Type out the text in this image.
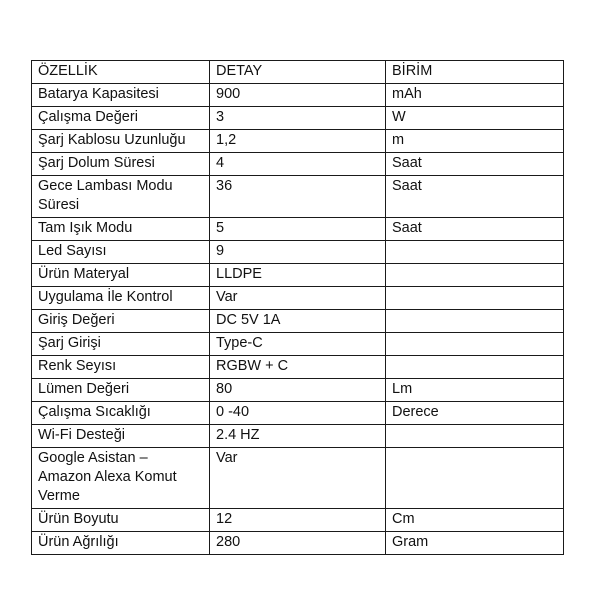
ÖZELLİK	DETAY	BİRİM
Batarya Kapasitesi	900	mAh
Çalışma Değeri	3	W
Şarj Kablosu Uzunluğu	1,2	m
Şarj Dolum Süresi	4	Saat
Gece Lambası Modu Süresi	36	Saat
Tam Işık Modu	5	Saat
Led Sayısı	9	
Ürün Materyal	LLDPE	
Uygulama İle Kontrol	Var	
Giriş Değeri	DC 5V 1A	
Şarj Girişi	Type-C	
Renk Seyısı	RGBW + C	
Lümen Değeri	80	Lm
Çalışma Sıcaklığı	0 -40	Derece
Wi-Fi Desteği	2.4 HZ	
Google Asistan – Amazon Alexa Komut Verme	Var	
Ürün Boyutu	12	Cm
Ürün Ağrılığı	280	Gram
